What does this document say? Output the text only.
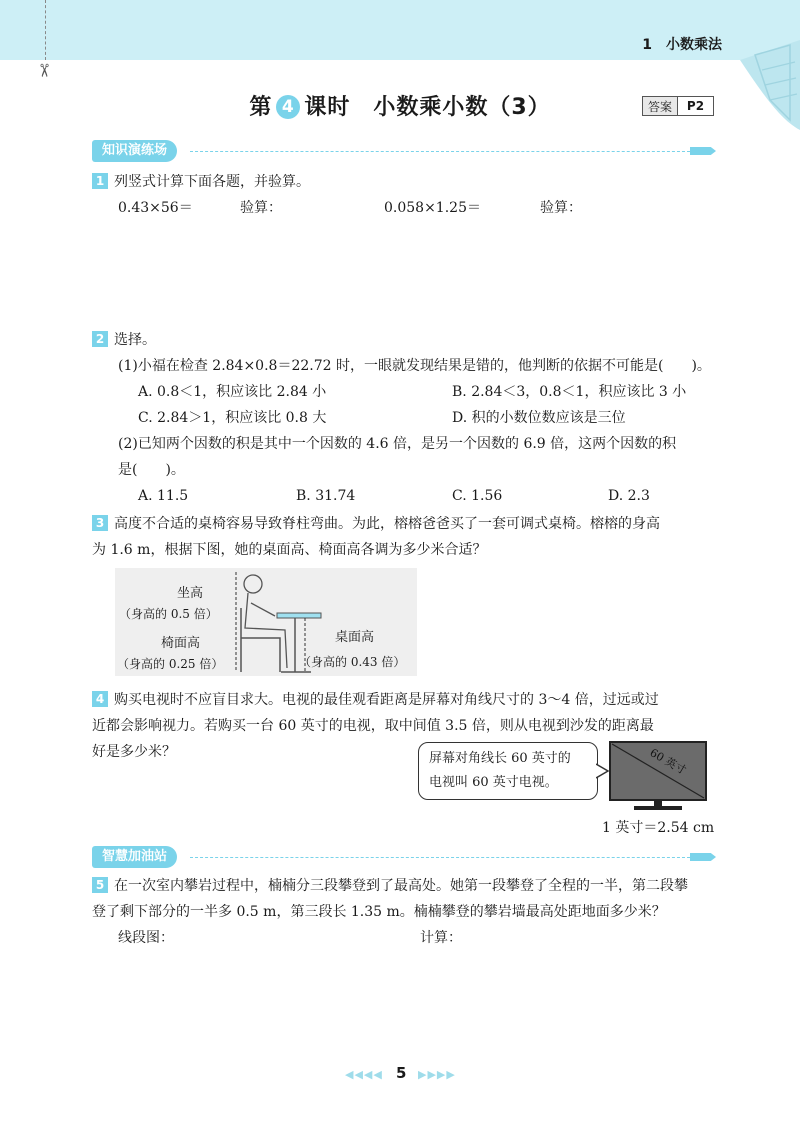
✂
1　小数乘法
第 4 课时　小数乘小数（3）	答案	P2
知识演练场
1 列竖式计算下面各题，并验算。
0.43×56＝	验算：	0.058×1.25＝	验算：
2 选择。
(1)小福在检查 2.84×0.8＝22.72 时，一眼就发现结果是错的，他判断的依据不可能是(　　)。
A. 0.8＜1，积应该比 2.84 小	B. 2.84＜3，0.8＜1，积应该比 3 小
C. 2.84＞1，积应该比 0.8 大	D. 积的小数位数应该是三位
(2)已知两个因数的积是其中一个因数的 4.6 倍，是另一个因数的 6.9 倍，这两个因数的积
是(　　)。
A. 11.5	B. 31.74	C. 1.56	D. 2.3
3 高度不合适的桌椅容易导致脊柱弯曲。为此，榕榕爸爸买了一套可调式桌椅。榕榕的身高
为 1.6 m，根据下图，她的桌面高、椅面高各调为多少米合适？
坐高
（身高的 0.5 倍）
椅面高
（身高的 0.25 倍）
桌面高
（身高的 0.43 倍）
4 购买电视时不应盲目求大。电视的最佳观看距离是屏幕对角线尺寸的 3～4 倍，过远或过
近都会影响视力。若购买一台 60 英寸的电视，取中间值 3.5 倍，则从电视到沙发的距离最
好是多少米？	屏幕对角线长 60 英寸的
电视叫 60 英寸电视。
60 英寸
1 英寸＝2.54 cm
智慧加油站
5 在一次室内攀岩过程中，楠楠分三段攀登到了最高处。她第一段攀登了全程的一半，第二段攀
登了剩下部分的一半多 0.5 m，第三段长 1.35 m。楠楠攀登的攀岩墙最高处距地面多少米？
线段图：	计算：
◀◀◀◀ 5 ▶▶▶▶
